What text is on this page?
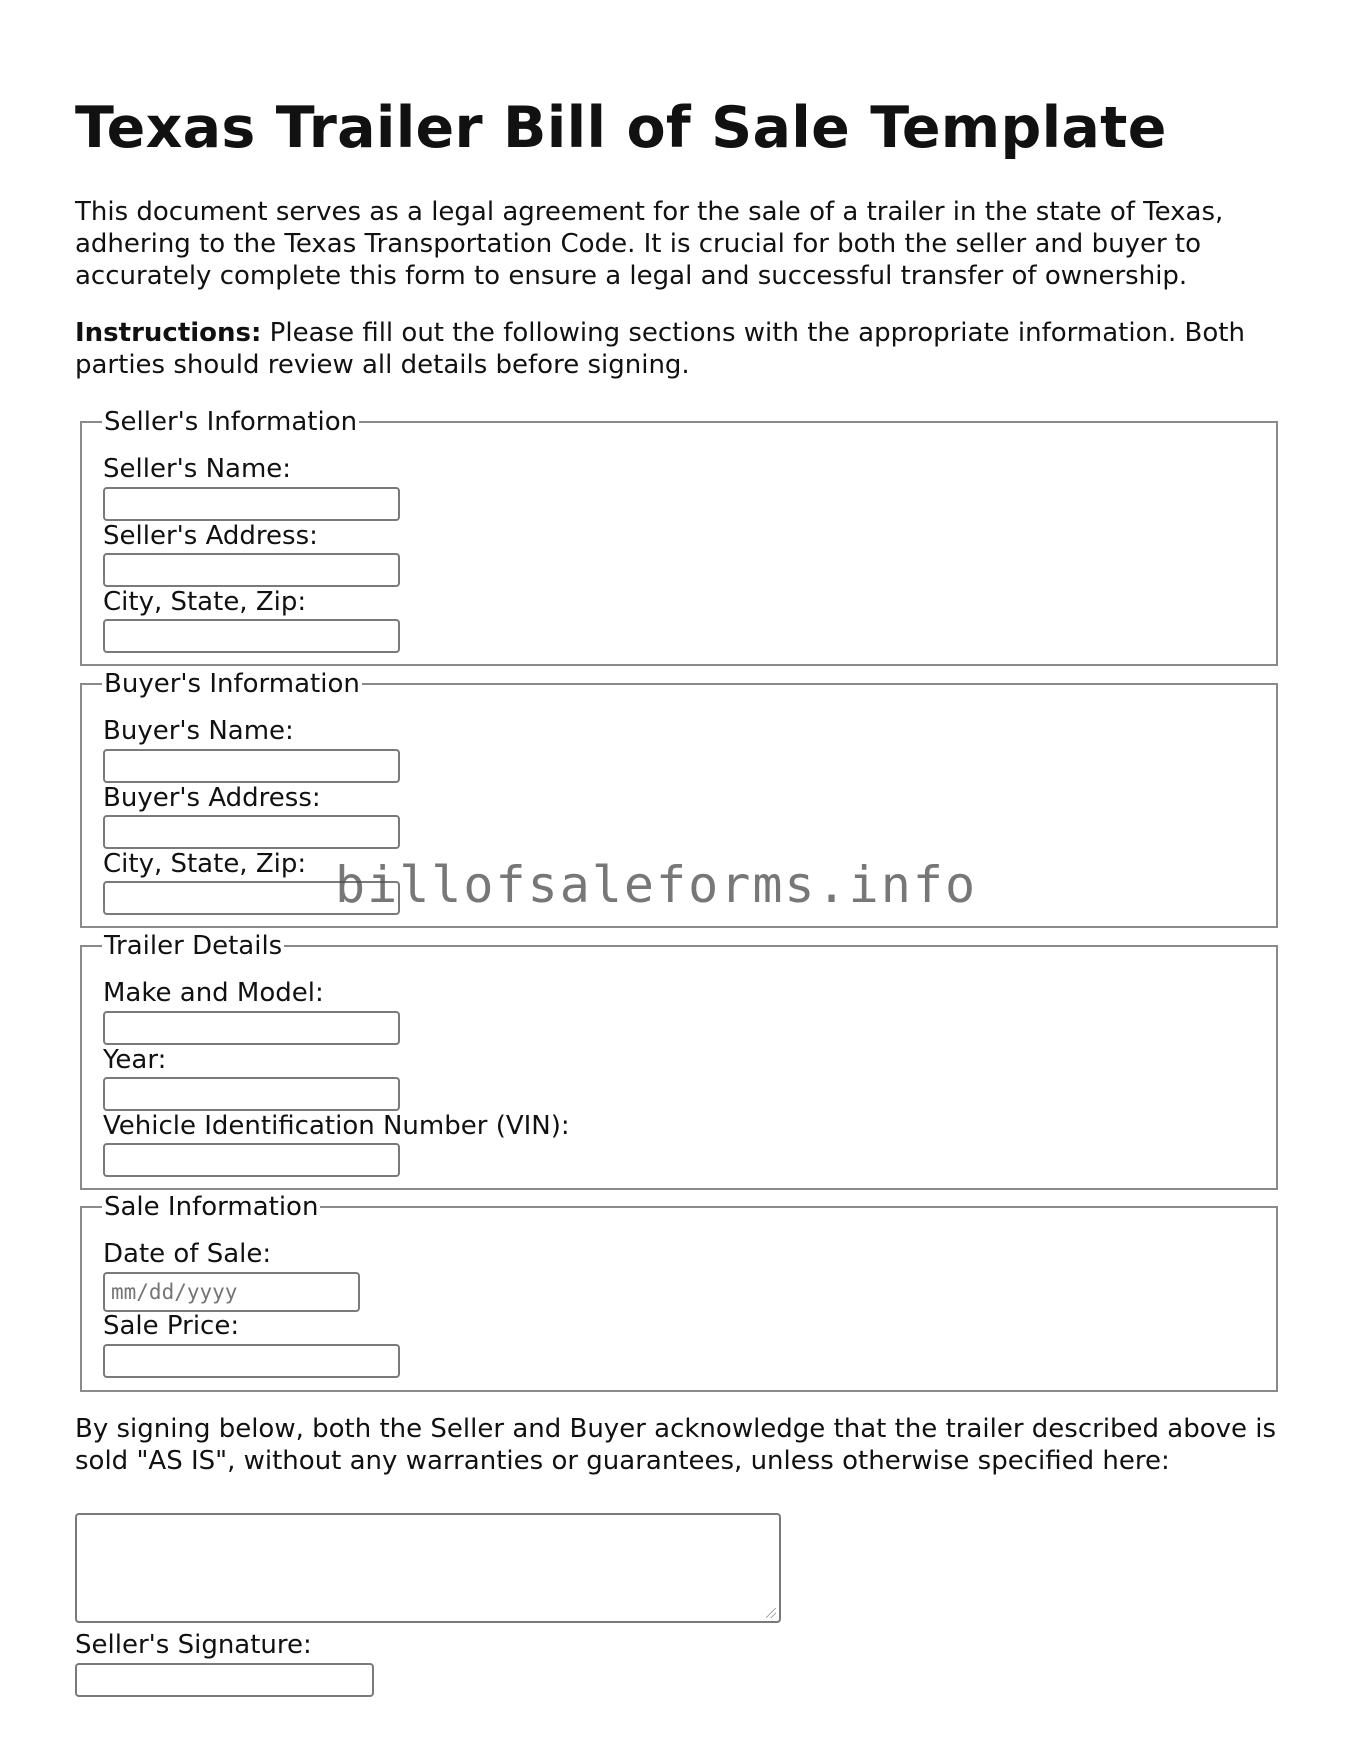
Texas Trailer Bill of Sale Template

This document serves as a legal agreement for the sale of a trailer in the state of Texas, adhering to the Texas Transportation Code. It is crucial for both the seller and buyer to accurately complete this form to ensure a legal and successful transfer of ownership.

Instructions: Please fill out the following sections with the appropriate information. Both parties should review all details before signing.

Seller's Information
Seller's Name:
Seller's Address:
City, State, Zip:
Buyer's Information
Buyer's Name:
Buyer's Address:
City, State, Zip:
Trailer Details
Make and Model:
Year:
Vehicle Identification Number (VIN):
Sale Information
Date of Sale:
mm/dd/yyyy
Sale Price:

By signing below, both the Seller and Buyer acknowledge that the trailer described above is sold "AS IS", without any warranties or guarantees, unless otherwise specified here:

Seller's Signature:
billofsaleforms.info
